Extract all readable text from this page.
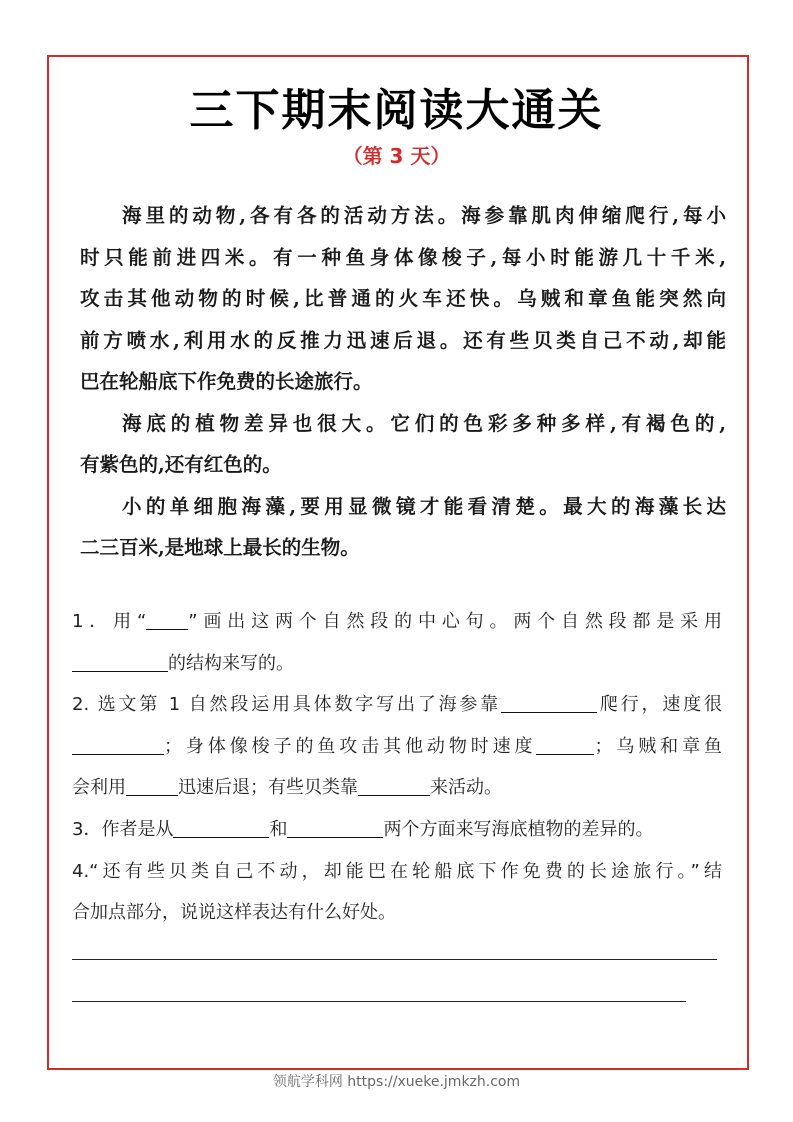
三下期末阅读大通关
（第 3 天）
海里的动物,各有各的活动方法。海参靠肌肉伸缩爬行,每小
时只能前进四米。有一种鱼身体像梭子,每小时能游几十千米,
攻击其他动物的时候,比普通的火车还快。乌贼和章鱼能突然向
前方喷水,利用水的反推力迅速后退。还有些贝类自己不动,却能
巴在轮船底下作免费的长途旅行。
海底的植物差异也很大。它们的色彩多种多样,有褐色的,
有紫色的,还有红色的。
小的单细胞海藻,要用显微镜才能看清楚。最大的海藻长达
二三百米,是地球上最长的生物。
1．用“ ”画出这两个自然段的中心句。两个自然段都是采用
的结构来写的。
2. 选文第 1 自然段运用具体数字写出了海参靠	爬行，速度很
；身体像梭子的鱼攻击其他动物时速度	；乌贼和章鱼
会利用	迅速后退；有些贝类靠	来活动。
3．作者是从	和	两个方面来写海底植物的差异的。
4.“还有些贝类自己不动，却能巴在轮船底下作免费的长途旅行。”结
合加点部分，说说这样表达有什么好处。
领航学科网 https://xueke.jmkzh.com
